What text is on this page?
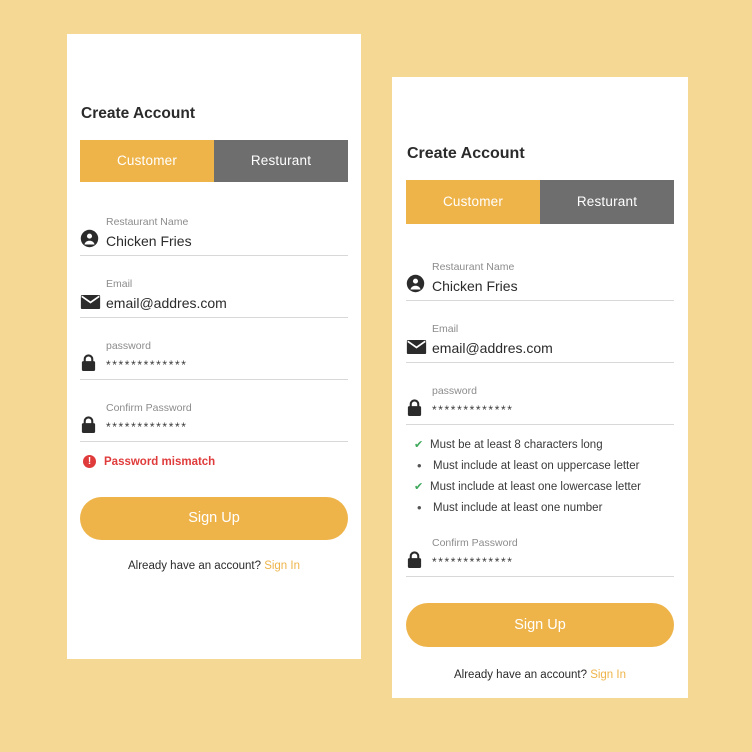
Create Account
Customer	Resturant
Restaurant Name
Chicken Fries
Email
email@addres.com
password
*************
Confirm Password
*************
!	Password mismatch
Sign Up
Already have an account? Sign In
Create Account
Customer	Resturant
Restaurant Name
Chicken Fries
Email
email@addres.com
password
*************
✔ Must be at least 8 characters long
• Must include at least on uppercase letter
✔ Must include at least one lowercase letter
• Must include at least one number
Confirm Password
*************
Sign Up
Already have an account? Sign In
